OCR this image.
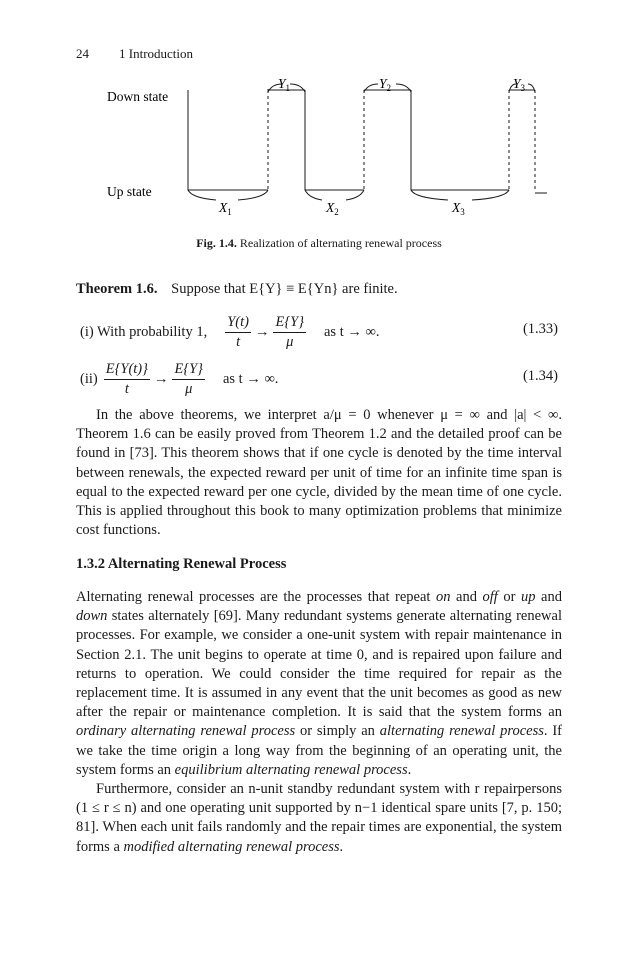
24 1 Introduction
Down state
Up state
$Y_1$	$Y_2$	$Y_3$
$X_1$	$X_2$	$X_3$
Fig. 1.4. Realization of alternating renewal process
Theorem 1.6. Suppose that E{Y} ≡ E{Yn} are finite.
(i) With probability 1, $\frac{Y(t)}{t} \to \frac{E\{Y\}}{\mu}$ as t → ∞.	(1.33)
$(ii) \frac{E\{Y(t)\}}{t} \to \frac{E\{Y\}}{\mu}$ as t → ∞.	(1.34)

In the above theorems, we interpret a/μ = 0 whenever μ = ∞ and |a| < ∞. Theorem 1.6 can be easily proved from Theorem 1.2 and the detailed proof can be found in [73]. This theorem shows that if one cycle is denoted by the time interval between renewals, the expected reward per unit of time for an infinite time span is equal to the expected reward per one cycle, divided by the mean time of one cycle. This is applied throughout this book to many optimization problems that minimize cost functions.

1.3.2 Alternating Renewal Process

Alternating renewal processes are the processes that repeat on and off or up and down states alternately [69]. Many redundant systems generate alternating renewal processes. For example, we consider a one-unit system with repair maintenance in Section 2.1. The unit begins to operate at time 0, and is repaired upon failure and returns to operation. We could consider the time required for repair as the replacement time. It is assumed in any event that the unit becomes as good as new after the repair or maintenance completion. It is said that the system forms an ordinary alternating renewal process or simply an alternating renewal process. If we take the time origin a long way from the beginning of an operating unit, the system forms an equilibrium alternating renewal process.

Furthermore, consider an n-unit standby redundant system with r repairpersons (1 ≤ r ≤ n) and one operating unit supported by n−1 identical spare units [7, p. 150; 81]. When each unit fails randomly and the repair times are exponential, the system forms a modified alternating renewal process.
